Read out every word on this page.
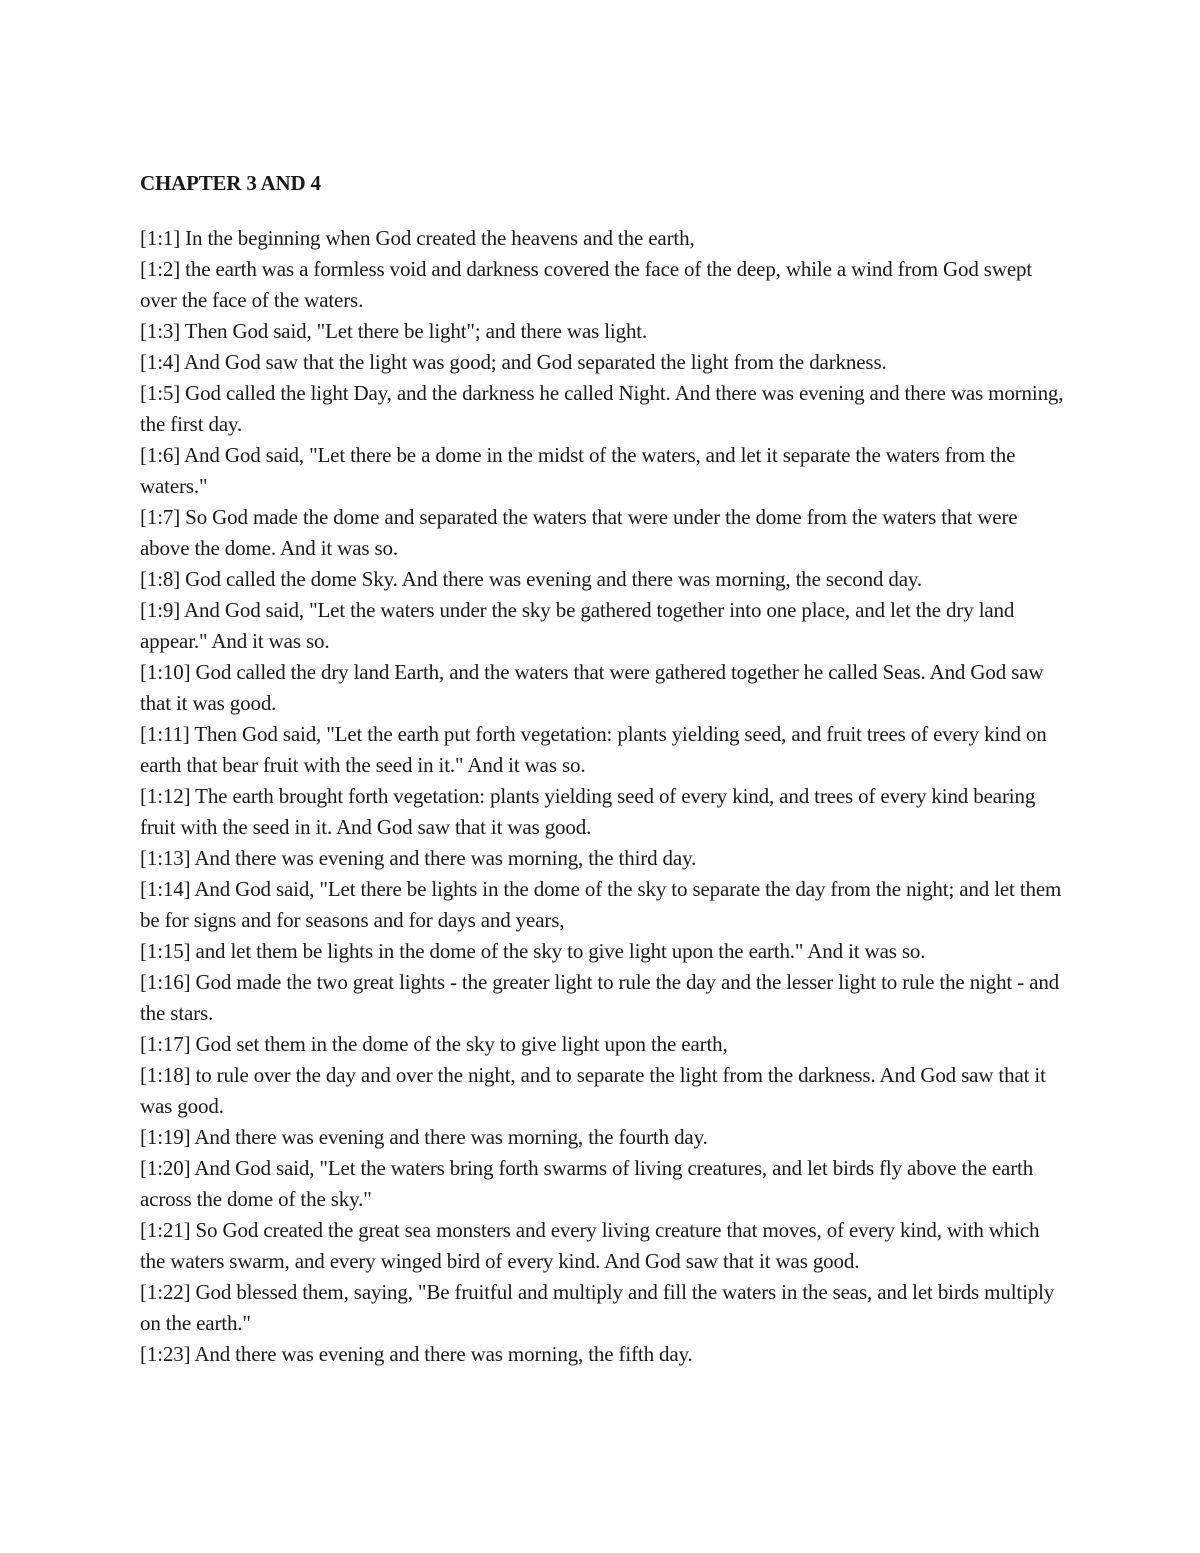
CHAPTER 3 AND 4

[1:1] In the beginning when God created the heavens and the earth,

[1:2] the earth was a formless void and darkness covered the face of the deep, while a wind from God swept over the face of the waters.

[1:3] Then God said, "Let there be light"; and there was light.

[1:4] And God saw that the light was good; and God separated the light from the darkness.

[1:5] God called the light Day, and the darkness he called Night. And there was evening and there was morning, the first day.

[1:6] And God said, "Let there be a dome in the midst of the waters, and let it separate the waters from the waters."

[1:7] So God made the dome and separated the waters that were under the dome from the waters that were above the dome. And it was so.

[1:8] God called the dome Sky. And there was evening and there was morning, the second day.

[1:9] And God said, "Let the waters under the sky be gathered together into one place, and let the dry land appear." And it was so.

[1:10] God called the dry land Earth, and the waters that were gathered together he called Seas. And God saw that it was good.

[1:11] Then God said, "Let the earth put forth vegetation: plants yielding seed, and fruit trees of every kind on earth that bear fruit with the seed in it." And it was so.

[1:12] The earth brought forth vegetation: plants yielding seed of every kind, and trees of every kind bearing fruit with the seed in it. And God saw that it was good.

[1:13] And there was evening and there was morning, the third day.

[1:14] And God said, "Let there be lights in the dome of the sky to separate the day from the night; and let them be for signs and for seasons and for days and years,

[1:15] and let them be lights in the dome of the sky to give light upon the earth." And it was so.

[1:16] God made the two great lights - the greater light to rule the day and the lesser light to rule the night - and the stars.

[1:17] God set them in the dome of the sky to give light upon the earth,

[1:18] to rule over the day and over the night, and to separate the light from the darkness. And God saw that it was good.

[1:19] And there was evening and there was morning, the fourth day.

[1:20] And God said, "Let the waters bring forth swarms of living creatures, and let birds fly above the earth across the dome of the sky."

[1:21] So God created the great sea monsters and every living creature that moves, of every kind, with which the waters swarm, and every winged bird of every kind. And God saw that it was good.

[1:22] God blessed them, saying, "Be fruitful and multiply and fill the waters in the seas, and let birds multiply on the earth."

[1:23] And there was evening and there was morning, the fifth day.
